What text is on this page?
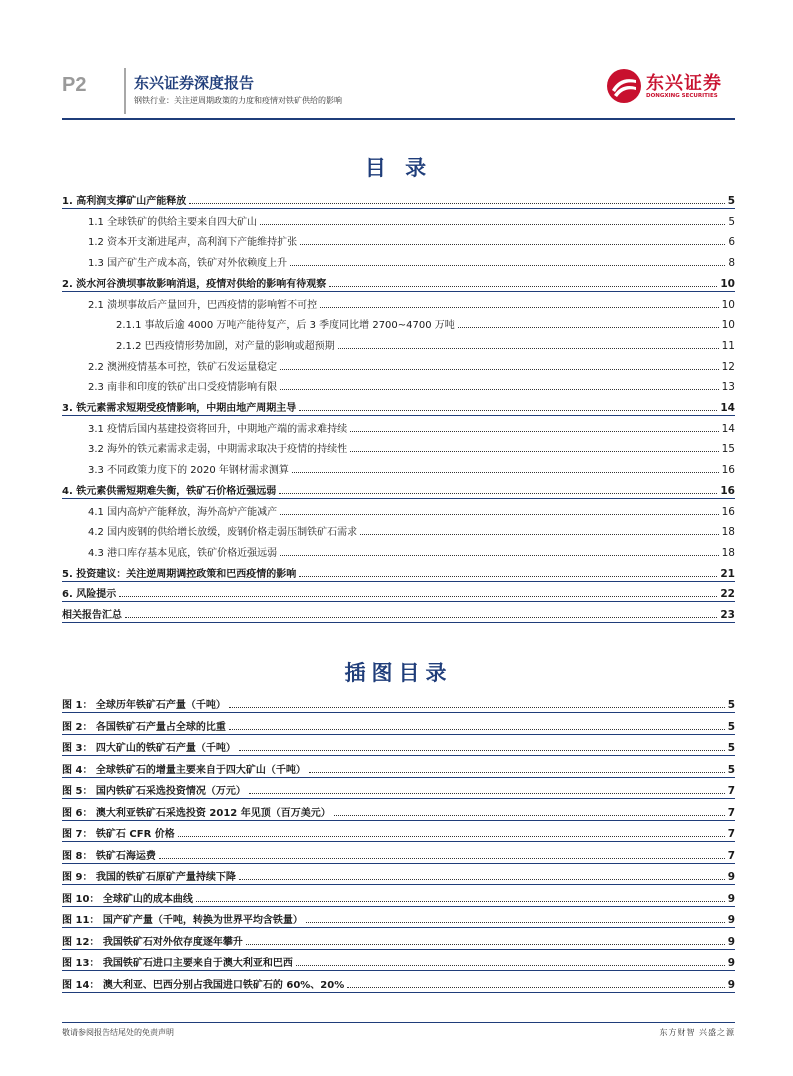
P2	东兴证券深度报告
钢铁行业：关注逆周期政策的力度和疫情对铁矿供给的影响
东兴证券
DONGXING SECURITIES
目 录
1. 高利润支撑矿山产能释放	5
1.1 全球铁矿的供给主要来自四大矿山	5
1.2 资本开支渐进尾声，高利润下产能维持扩张	6
1.3 国产矿生产成本高，铁矿对外依赖度上升	8
2. 淡水河谷溃坝事故影响消退，疫情对供给的影响有待观察	10
2.1 溃坝事故后产量回升，巴西疫情的影响暂不可控	10
2.1.1 事故后逾 4000 万吨产能待复产，后 3 季度同比增 2700~4700 万吨	10
2.1.2 巴西疫情形势加剧，对产量的影响或超预期	11
2.2 澳洲疫情基本可控，铁矿石发运量稳定	12
2.3 南非和印度的铁矿出口受疫情影响有限	13
3. 铁元素需求短期受疫情影响，中期由地产周期主导	14
3.1 疫情后国内基建投资将回升，中期地产端的需求难持续	14
3.2 海外的铁元素需求走弱，中期需求取决于疫情的持续性	15
3.3 不同政策力度下的 2020 年钢材需求测算	16
4. 铁元素供需短期难失衡，铁矿石价格近强远弱	16
4.1 国内高炉产能释放，海外高炉产能减产	16
4.2 国内废钢的供给增长放缓，废钢价格走弱压制铁矿石需求	18
4.3 港口库存基本见底，铁矿价格近强远弱	18
5. 投资建议：关注逆周期调控政策和巴西疫情的影响	21
6. 风险提示	22
相关报告汇总	23
插图目录
图 1： 全球历年铁矿石产量（千吨）	5
图 2： 各国铁矿石产量占全球的比重	5
图 3： 四大矿山的铁矿石产量（千吨）	5
图 4： 全球铁矿石的增量主要来自于四大矿山（千吨）	5
图 5： 国内铁矿石采选投资情况（万元）	7
图 6： 澳大利亚铁矿石采选投资 2012 年见顶（百万美元）	7
图 7： 铁矿石 CFR 价格	7
图 8： 铁矿石海运费	7
图 9： 我国的铁矿石原矿产量持续下降	9
图 10： 全球矿山的成本曲线	9
图 11： 国产矿产量（千吨，转换为世界平均含铁量）	9
图 12： 我国铁矿石对外依存度逐年攀升	9
图 13： 我国铁矿石进口主要来自于澳大利亚和巴西	9
图 14： 澳大利亚、巴西分别占我国进口铁矿石的 60%、20%	9
敬请参阅报告结尾处的免责声明	东方财智 兴盛之源
